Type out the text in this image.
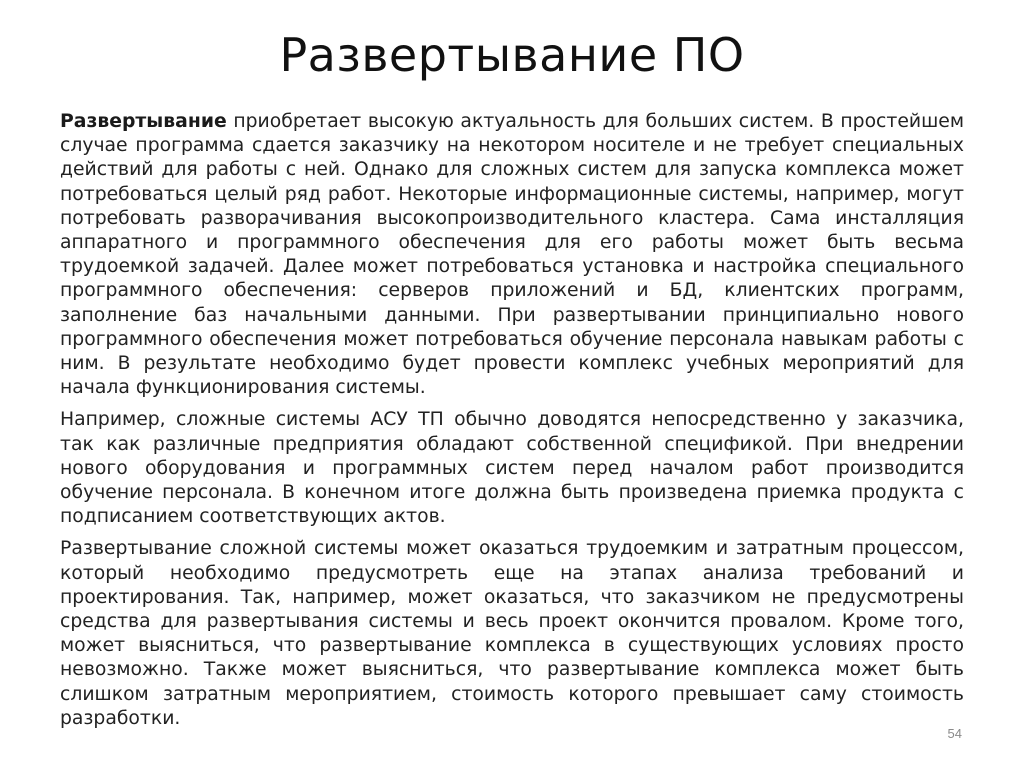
Развертывание ПО

Развертывание приобретает высокую актуальность для больших систем. В простейшем случае программа сдается заказчику на некотором носителе и не требует специальных действий для работы с ней. Однако для сложных систем для запуска комплекса может потребоваться целый ряд работ. Некоторые информационные системы, например, могут потребовать разворачивания высокопроизводительного кластера. Сама инсталляция аппаратного и программного обеспечения для его работы может быть весьма трудоемкой задачей. Далее может потребоваться установка и настройка специального программного обеспечения: серверов приложений и БД, клиентских программ, заполнение баз начальными данными. При развертывании принципиально нового программного обеспечения может потребоваться обучение персонала навыкам работы с ним. В результате необходимо будет провести комплекс учебных мероприятий для начала функционирования системы.

Например, сложные системы АСУ ТП обычно доводятся непосредственно у заказчика, так как различные предприятия обладают собственной спецификой. При внедрении нового оборудования и программных систем перед началом работ производится обучение персонала. В конечном итоге должна быть произведена приемка продукта с подписанием соответствующих актов.

Развертывание сложной системы может оказаться трудоемким и затратным процессом, который необходимо предусмотреть еще на этапах анализа требований и проектирования. Так, например, может оказаться, что заказчиком не предусмотрены средства для развертывания системы и весь проект окончится провалом. Кроме того, может выясниться, что развертывание комплекса в существующих условиях просто невозможно. Также может выясниться, что развертывание комплекса может быть слишком затратным мероприятием, стоимость которого превышает саму стоимость разработки.

54
